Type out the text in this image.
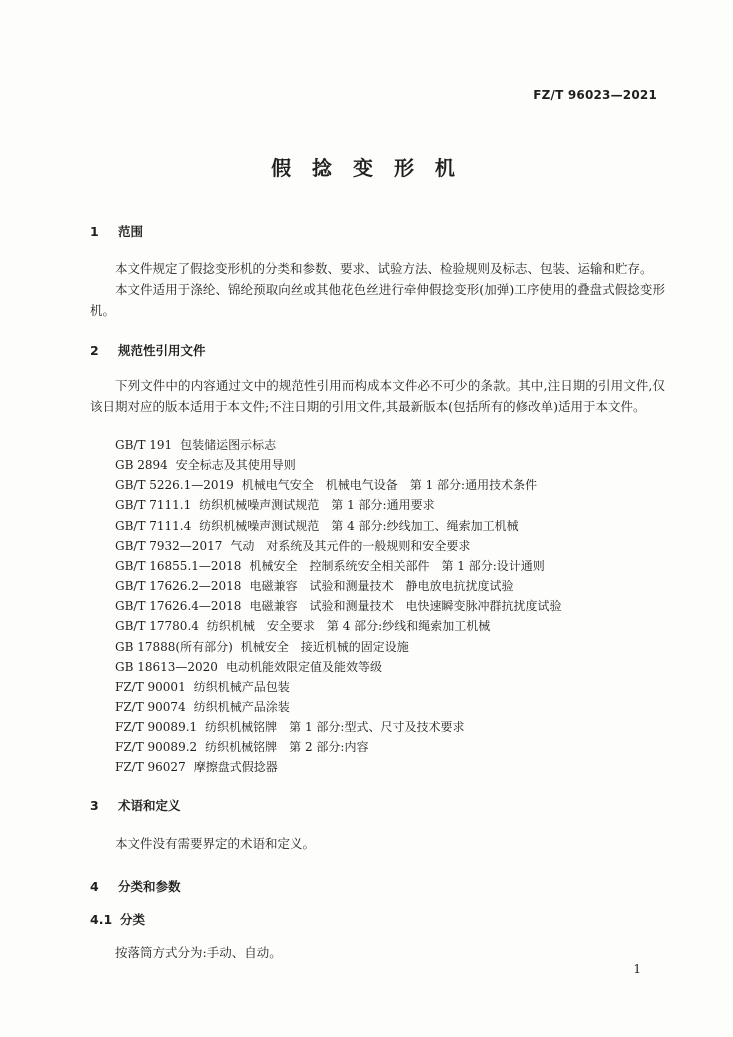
FZ/T 96023—2021
假 捻 变 形 机
1 范围
本文件规定了假捻变形机的分类和参数、要求、试验方法、检验规则及标志、包装、运输和贮存。
本文件适用于涤纶、锦纶预取向丝或其他花色丝进行牵伸假捻变形(加弹)工序使用的叠盘式假捻变形机。
2 规范性引用文件
下列文件中的内容通过文中的规范性引用而构成本文件必不可少的条款。其中,注日期的引用文件,仅该日期对应的版本适用于本文件;不注日期的引用文件,其最新版本(包括所有的修改单)适用于本文件。
GB/T 191 包装储运图示标志
GB 2894 安全标志及其使用导则
GB/T 5226.1—2019 机械电气安全　机械电气设备　第 1 部分:通用技术条件
GB/T 7111.1 纺织机械噪声测试规范　第 1 部分:通用要求
GB/T 7111.4 纺织机械噪声测试规范　第 4 部分:纱线加工、绳索加工机械
GB/T 7932—2017 气动　对系统及其元件的一般规则和安全要求
GB/T 16855.1—2018 机械安全　控制系统安全相关部件　第 1 部分:设计通则
GB/T 17626.2—2018 电磁兼容　试验和测量技术　静电放电抗扰度试验
GB/T 17626.4—2018 电磁兼容　试验和测量技术　电快速瞬变脉冲群抗扰度试验
GB/T 17780.4 纺织机械　安全要求　第 4 部分:纱线和绳索加工机械
GB 17888(所有部分) 机械安全　接近机械的固定设施
GB 18613—2020 电动机能效限定值及能效等级
FZ/T 90001 纺织机械产品包装
FZ/T 90074 纺织机械产品涂装
FZ/T 90089.1 纺织机械铭牌　第 1 部分:型式、尺寸及技术要求
FZ/T 90089.2 纺织机械铭牌　第 2 部分:内容
FZ/T 96027 摩擦盘式假捻器
3 术语和定义
本文件没有需要界定的术语和定义。
4 分类和参数
4.1 分类
按落筒方式分为:手动、自动。
1
